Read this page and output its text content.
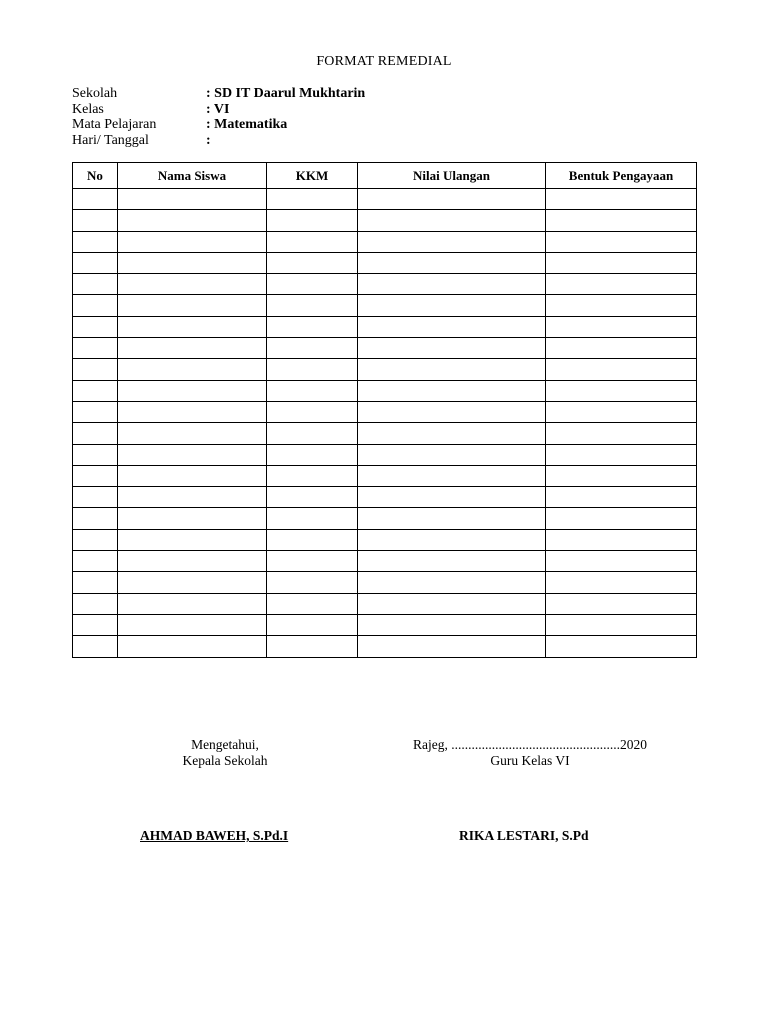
FORMAT REMEDIAL
Sekolah	: SD IT Daarul Mukhtarin
Kelas	: VI
Mata Pelajaran	: Matematika
Hari/ Tanggal	:
No	Nama Siswa	KKM	Nilai Ulangan	Bentuk Pengayaan

Mengetahui,
Kepala Sekolah
Rajeg, ..................................................2020
Guru Kelas VI
AHMAD BAWEH, S.Pd.I	RIKA LESTARI, S.Pd
